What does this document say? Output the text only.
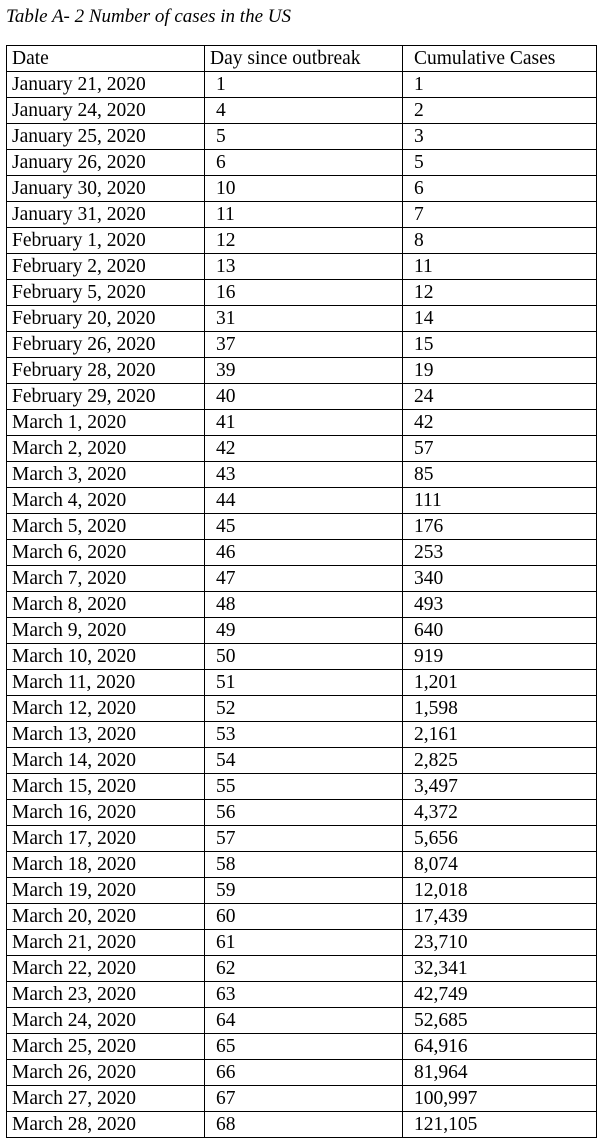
Table A- 2 Number of cases in the US
Date	Day since outbreak	Cumulative Cases
January 21, 2020	1	1
January 24, 2020	4	2
January 25, 2020	5	3
January 26, 2020	6	5
January 30, 2020	10	6
January 31, 2020	11	7
February 1, 2020	12	8
February 2, 2020	13	11
February 5, 2020	16	12
February 20, 2020	31	14
February 26, 2020	37	15
February 28, 2020	39	19
February 29, 2020	40	24
March 1, 2020	41	42
March 2, 2020	42	57
March 3, 2020	43	85
March 4, 2020	44	111
March 5, 2020	45	176
March 6, 2020	46	253
March 7, 2020	47	340
March 8, 2020	48	493
March 9, 2020	49	640
March 10, 2020	50	919
March 11, 2020	51	1,201
March 12, 2020	52	1,598
March 13, 2020	53	2,161
March 14, 2020	54	2,825
March 15, 2020	55	3,497
March 16, 2020	56	4,372
March 17, 2020	57	5,656
March 18, 2020	58	8,074
March 19, 2020	59	12,018
March 20, 2020	60	17,439
March 21, 2020	61	23,710
March 22, 2020	62	32,341
March 23, 2020	63	42,749
March 24, 2020	64	52,685
March 25, 2020	65	64,916
March 26, 2020	66	81,964
March 27, 2020	67	100,997
March 28, 2020	68	121,105
